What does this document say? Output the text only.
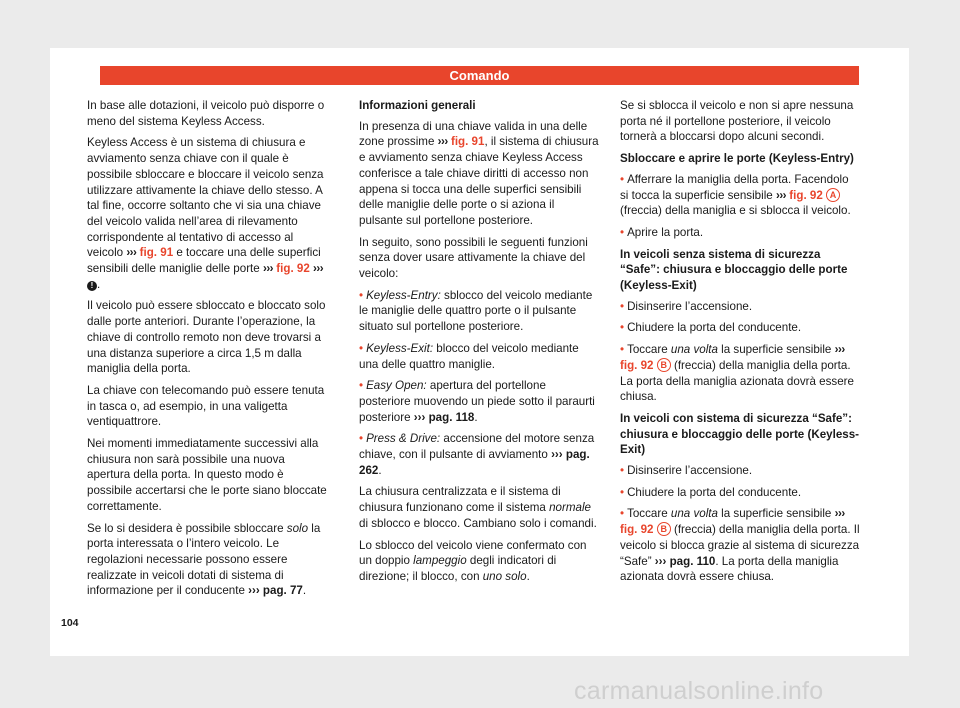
Comando

In base alle dotazioni, il veicolo può disporre o meno del sistema Keyless Access.

Keyless Access è un sistema di chiusura e avviamento senza chiave con il quale è possibile sbloccare e bloccare il veicolo senza utilizzare attivamente la chiave dello stesso. A tal fine, occorre soltanto che vi sia una chiave del veicolo valida nell’area di rilevamento corrispondente al tentativo di accesso al veicolo ››› fig. 91 e toccare una delle superfici sensibili delle maniglie delle porte ››› fig. 92 ››› ! .

Il veicolo può essere sbloccato e bloccato solo dalle porte anteriori. Durante l’operazione, la chiave di controllo remoto non deve trovarsi a una distanza superiore a circa 1,5 m dalla maniglia della porta.

La chiave con telecomando può essere tenuta in tasca o, ad esempio, in una valigetta ventiquattrore.

Nei momenti immediatamente successivi alla chiusura non sarà possibile una nuova apertura della porta. In questo modo è possibile accertarsi che le porte siano bloccate correttamente.

Se lo si desidera è possibile sbloccare solo la porta interessata o l’intero veicolo. Le regolazioni necessarie possono essere realizzate in veicoli dotati di sistema di informazione per il conducente ››› pag. 77.

Informazioni generali

In presenza di una chiave valida in una delle zone prossime ››› fig. 91, il sistema di chiusura e avviamento senza chiave Keyless Access conferisce a tale chiave diritti di accesso non appena si tocca una delle superfici sensibili delle maniglie delle porte o si aziona il pulsante sul portellone posteriore.

In seguito, sono possibili le seguenti funzioni senza dover usare attivamente la chiave del veicolo:

• Keyless-Entry: sblocco del veicolo mediante le maniglie delle quattro porte o il pulsante situato sul portellone posteriore.

• Keyless-Exit: blocco del veicolo mediante una delle quattro maniglie.

• Easy Open: apertura del portellone posteriore muovendo un piede sotto il paraurti posteriore ››› pag. 118.

• Press & Drive: accensione del motore senza chiave, con il pulsante di avviamento ››› pag. 262.

La chiusura centralizzata e il sistema di chiusura funzionano come il sistema normale di sblocco e blocco. Cambiano solo i comandi.

Lo sblocco del veicolo viene confermato con un doppio lampeggio degli indicatori di direzione; il blocco, con uno solo.

Se si sblocca il veicolo e non si apre nessuna porta né il portellone posteriore, il veicolo tornerà a bloccarsi dopo alcuni secondi.

Sbloccare e aprire le porte (Keyless-Entry)

• Afferrare la maniglia della porta. Facendolo si tocca la superficie sensibile ››› fig. 92 A (freccia) della maniglia e si sblocca il veicolo.

• Aprire la porta.

In veicoli senza sistema di sicurezza “Safe”: chiusura e bloccaggio delle porte (Keyless-Exit)

• Disinserire l’accensione.

• Chiudere la porta del conducente.

• Toccare una volta la superficie sensibile ››› fig. 92 B (freccia) della maniglia della porta. La porta della maniglia azionata dovrà essere chiusa.

In veicoli con sistema di sicurezza “Safe”: chiusura e bloccaggio delle porte (Keyless-Exit)

• Disinserire l’accensione.

• Chiudere la porta del conducente.

• Toccare una volta la superficie sensibile ››› fig. 92 B (freccia) della maniglia della porta. Il veicolo si blocca grazie al sistema di sicurezza “Safe” ››› pag. 110. La porta della maniglia azionata dovrà essere chiusa.

104
carmanualsonline.info
